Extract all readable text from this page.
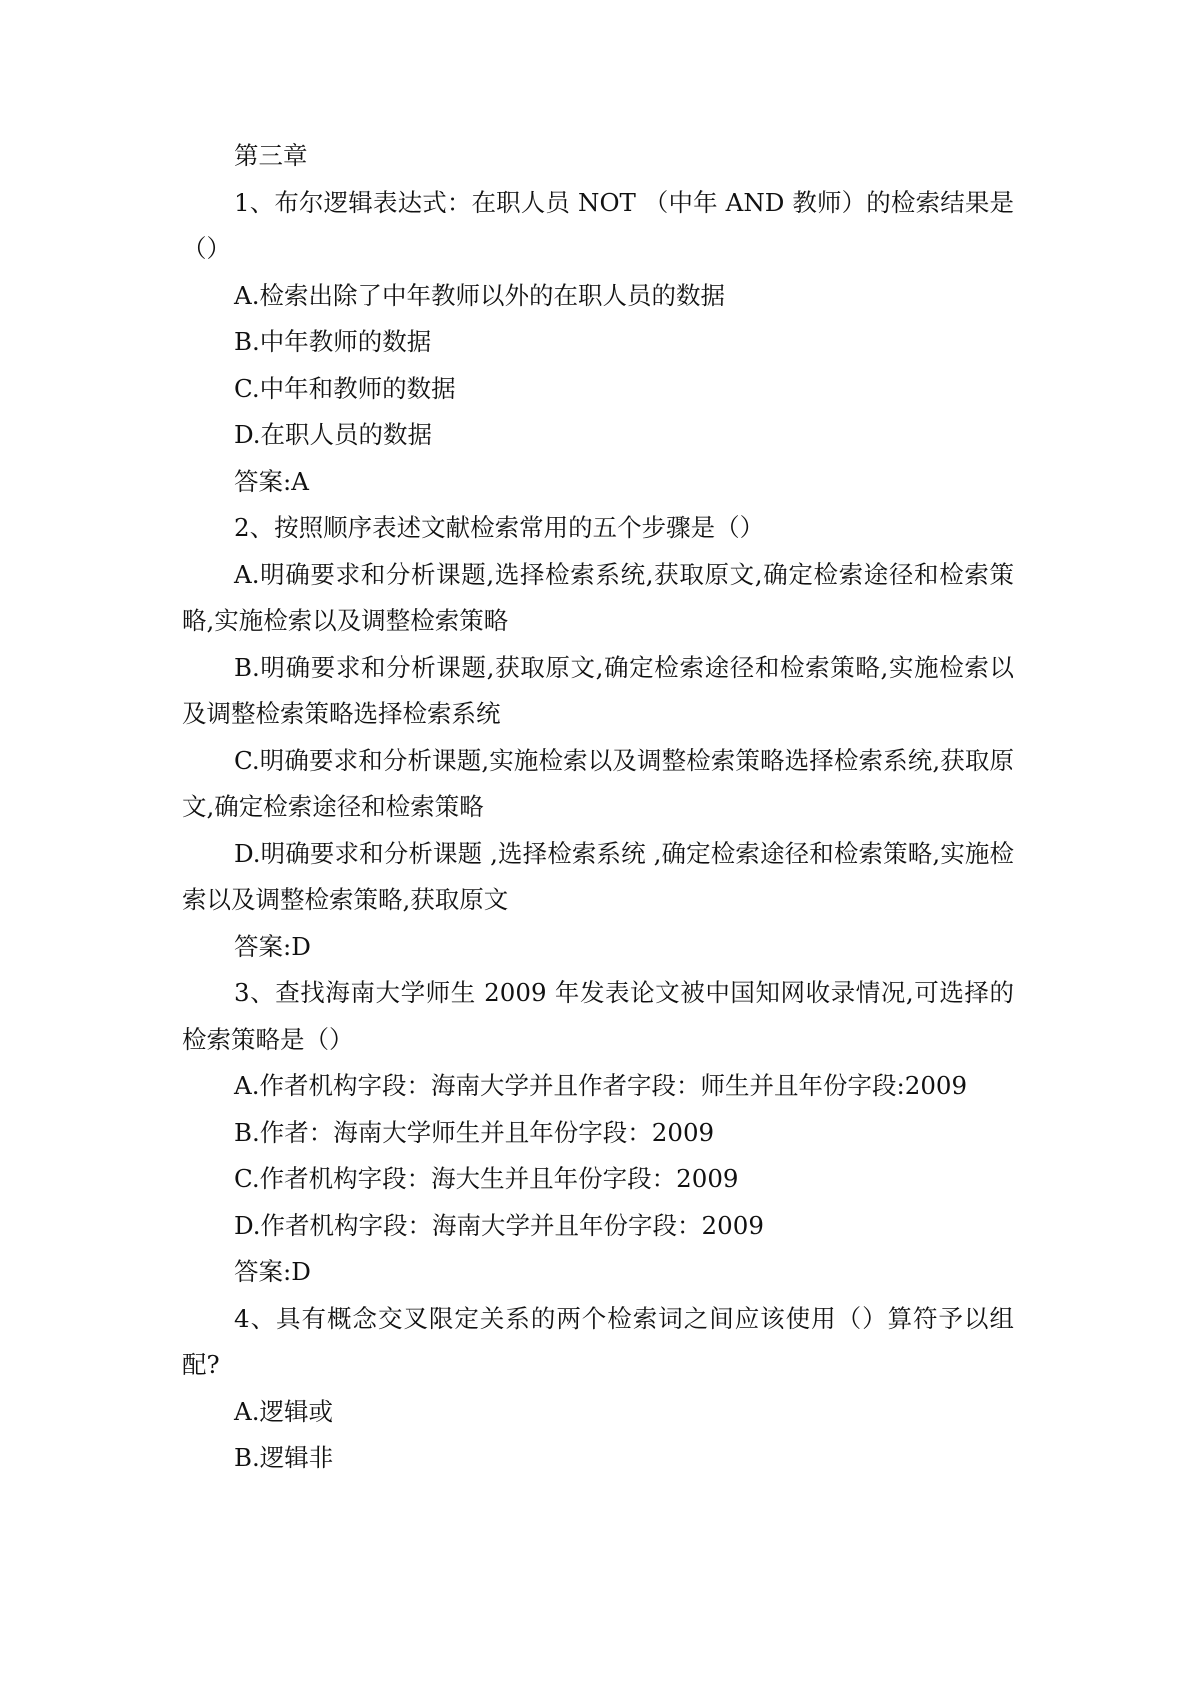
第三章

1、布尔逻辑表达式：在职人员 NOT （中年 AND 教师）的检索结果是（）

A.检索出除了中年教师以外的在职人员的数据

B.中年教师的数据

C.中年和教师的数据

D.在职人员的数据

答案:A

2、按照顺序表述文献检索常用的五个步骤是（）

A.明确要求和分析课题,选择检索系统,获取原文,确定检索途径和检索策略,实施检索以及调整检索策略

B.明确要求和分析课题,获取原文,确定检索途径和检索策略,实施检索以及调整检索策略选择检索系统

C.明确要求和分析课题,实施检索以及调整检索策略选择检索系统,获取原文,确定检索途径和检索策略

D.明确要求和分析课题 ,选择检索系统 ,确定检索途径和检索策略,实施检索以及调整检索策略,获取原文

答案:D

3、查找海南大学师生 2009 年发表论文被中国知网收录情况,可选择的检索策略是（）

A.作者机构字段：海南大学并且作者字段：师生并且年份字段:2009

B.作者：海南大学师生并且年份字段：2009

C.作者机构字段：海大生并且年份字段：2009

D.作者机构字段：海南大学并且年份字段：2009

答案:D

4、具有概念交叉限定关系的两个检索词之间应该使用（）算符予以组配?

A.逻辑或

B.逻辑非
